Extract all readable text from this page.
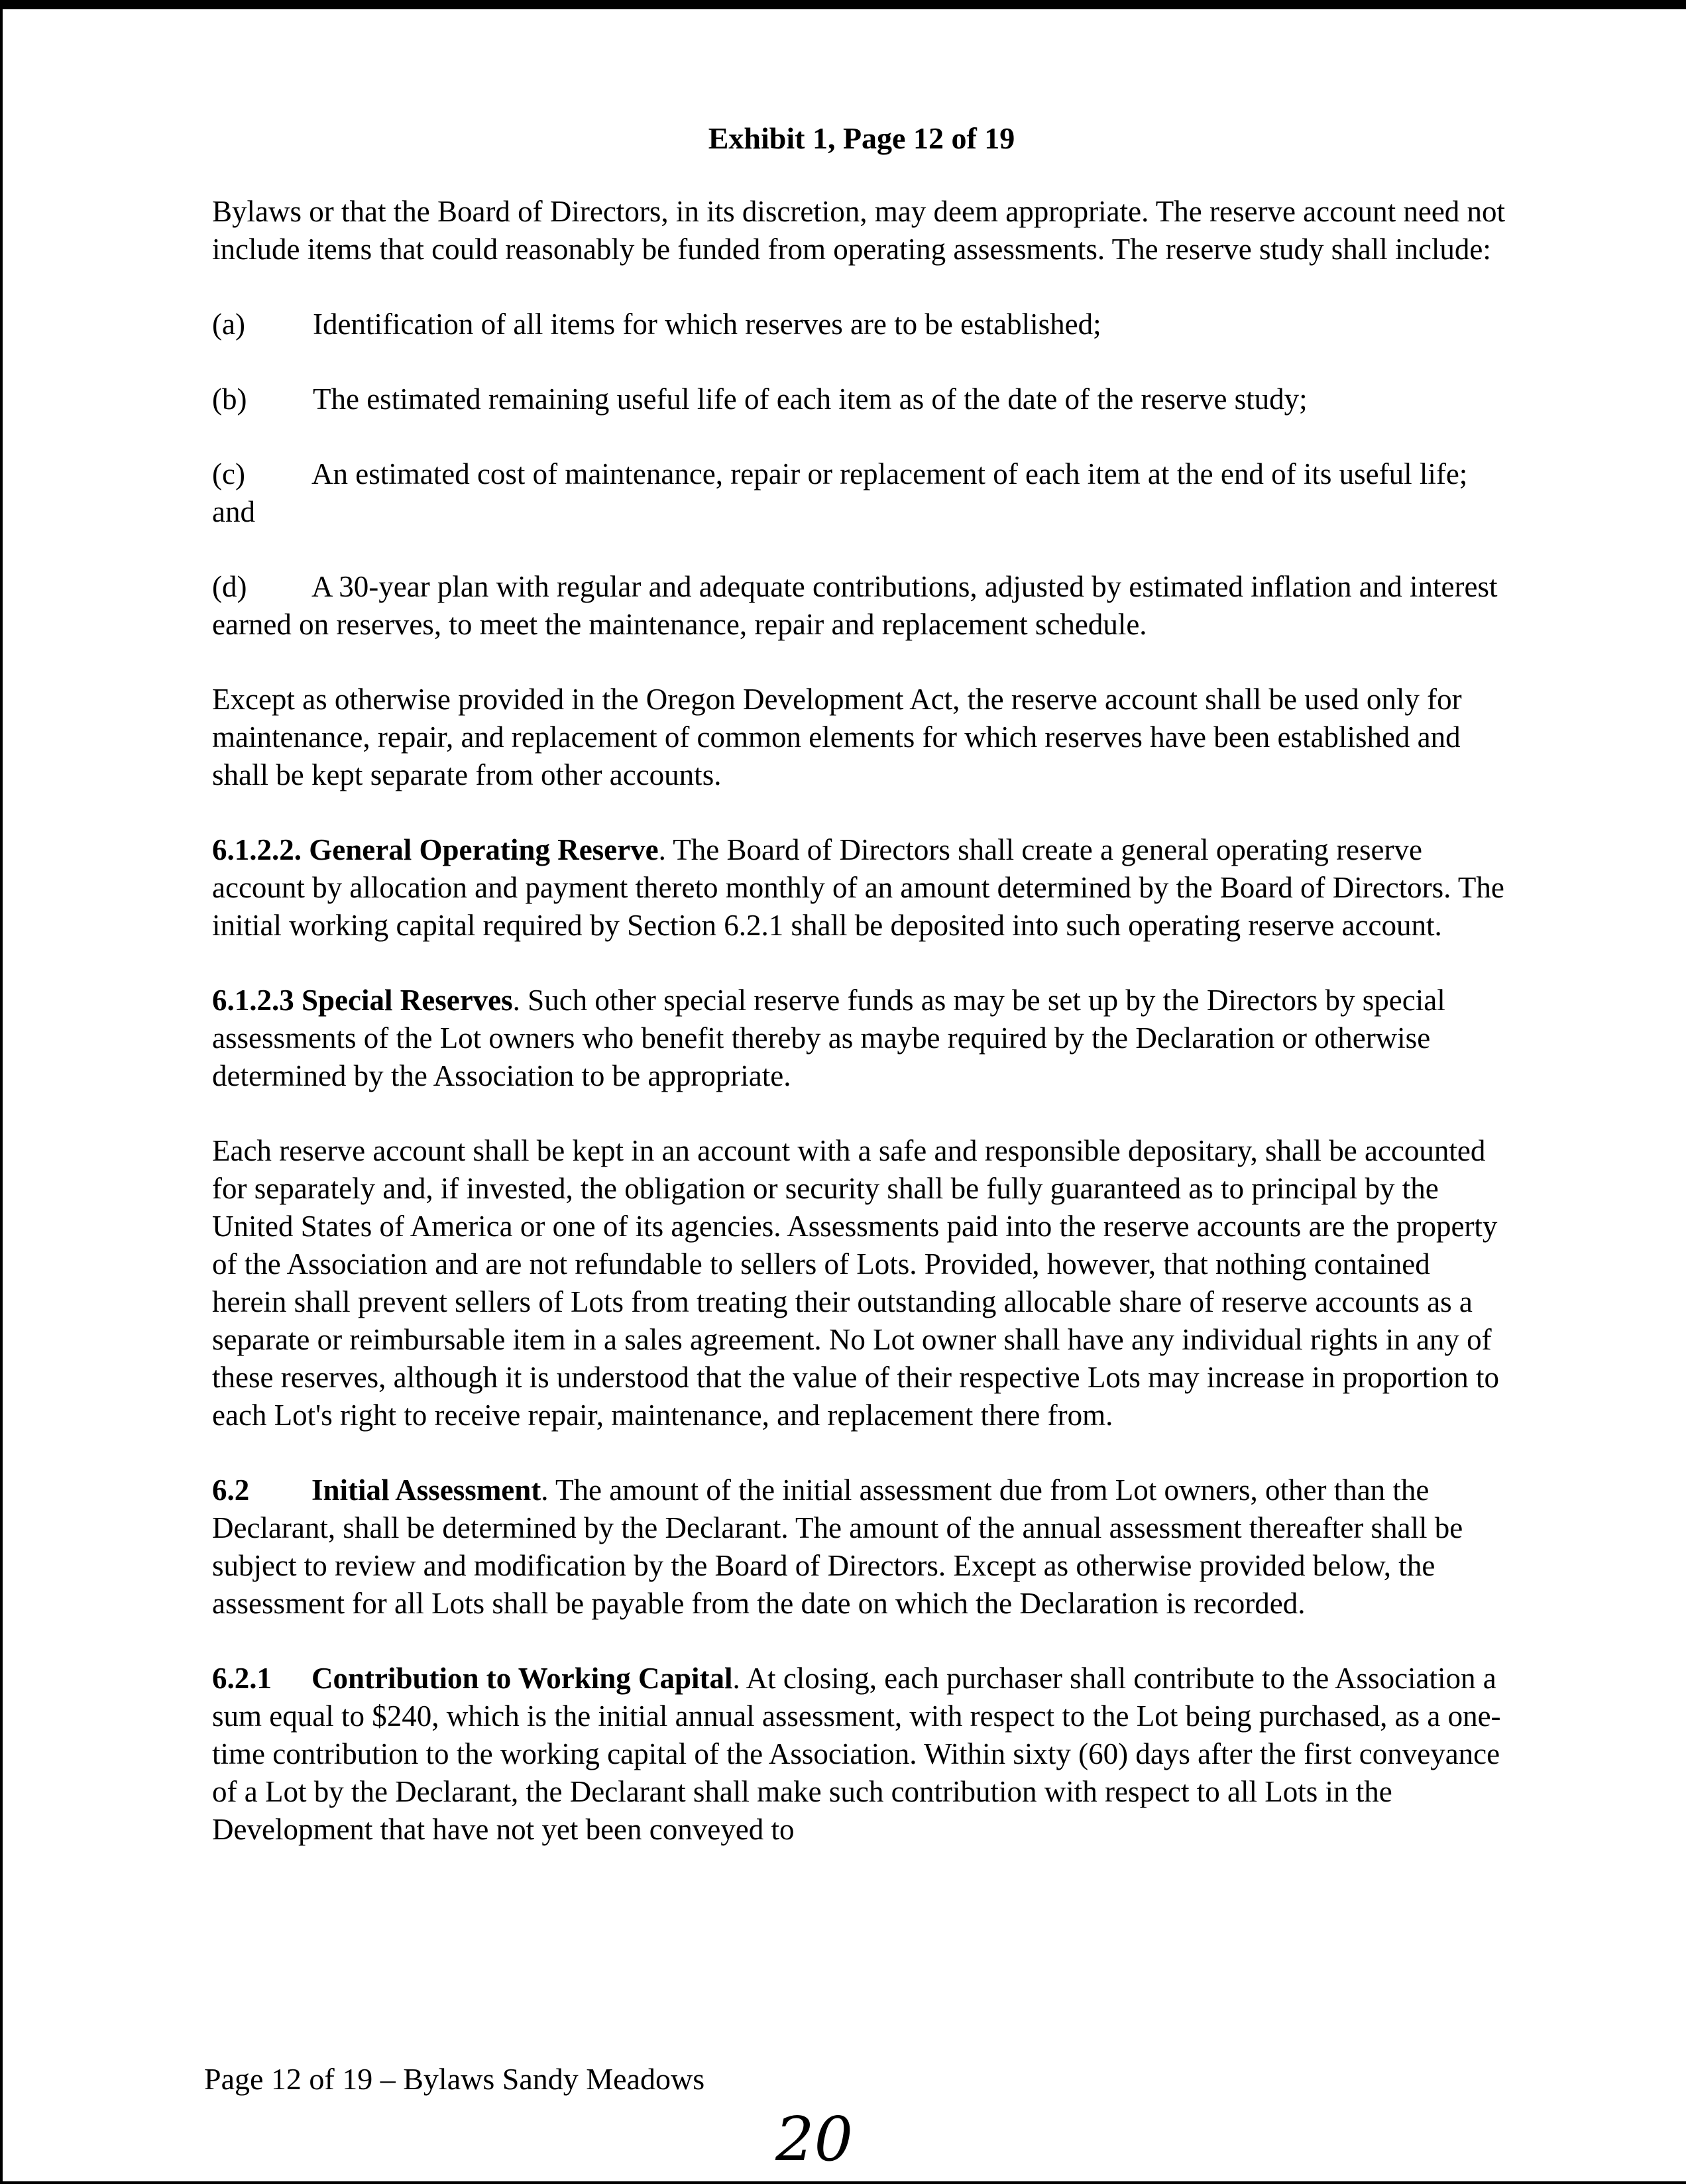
Exhibit 1, Page 12 of 19

Bylaws or that the Board of Directors, in its discretion, may deem appropriate. The reserve account need not include items that could reasonably be funded from operating assessments. The reserve study shall include:

(a) Identification of all items for which reserves are to be established;
(b) The estimated remaining useful life of each item as of the date of the reserve study;
(c) An estimated cost of maintenance, repair or replacement of each item at the end of its useful life; and
(d) A 30-year plan with regular and adequate contributions, adjusted by estimated inflation and interest earned on reserves, to meet the maintenance, repair and replacement schedule.

Except as otherwise provided in the Oregon Development Act, the reserve account shall be used only for maintenance, repair, and replacement of common elements for which reserves have been established and shall be kept separate from other accounts.

6.1.2.2. General Operating Reserve. The Board of Directors shall create a general operating reserve account by allocation and payment thereto monthly of an amount determined by the Board of Directors. The initial working capital required by Section 6.2.1 shall be deposited into such operating reserve account.

6.1.2.3 Special Reserves. Such other special reserve funds as may be set up by the Directors by special assessments of the Lot owners who benefit thereby as maybe required by the Declaration or otherwise determined by the Association to be appropriate.

Each reserve account shall be kept in an account with a safe and responsible depositary, shall be accounted for separately and, if invested, the obligation or security shall be fully guaranteed as to principal by the United States of America or one of its agencies. Assessments paid into the reserve accounts are the property of the Association and are not refundable to sellers of Lots. Provided, however, that nothing contained herein shall prevent sellers of Lots from treating their outstanding allocable share of reserve accounts as a separate or reimbursable item in a sales agreement. No Lot owner shall have any individual rights in any of these reserves, although it is understood that the value of their respective Lots may increase in proportion to each Lot's right to receive repair, maintenance, and replacement there from.

6.2 Initial Assessment. The amount of the initial assessment due from Lot owners, other than the Declarant, shall be determined by the Declarant. The amount of the annual assessment thereafter shall be subject to review and modification by the Board of Directors. Except as otherwise provided below, the assessment for all Lots shall be payable from the date on which the Declaration is recorded.

6.2.1 Contribution to Working Capital. At closing, each purchaser shall contribute to the Association a sum equal to $240, which is the initial annual assessment, with respect to the Lot being purchased, as a one-time contribution to the working capital of the Association. Within sixty (60) days after the first conveyance of a Lot by the Declarant, the Declarant shall make such contribution with respect to all Lots in the Development that have not yet been conveyed to

Page 12 of 19 – Bylaws Sandy Meadows
20
